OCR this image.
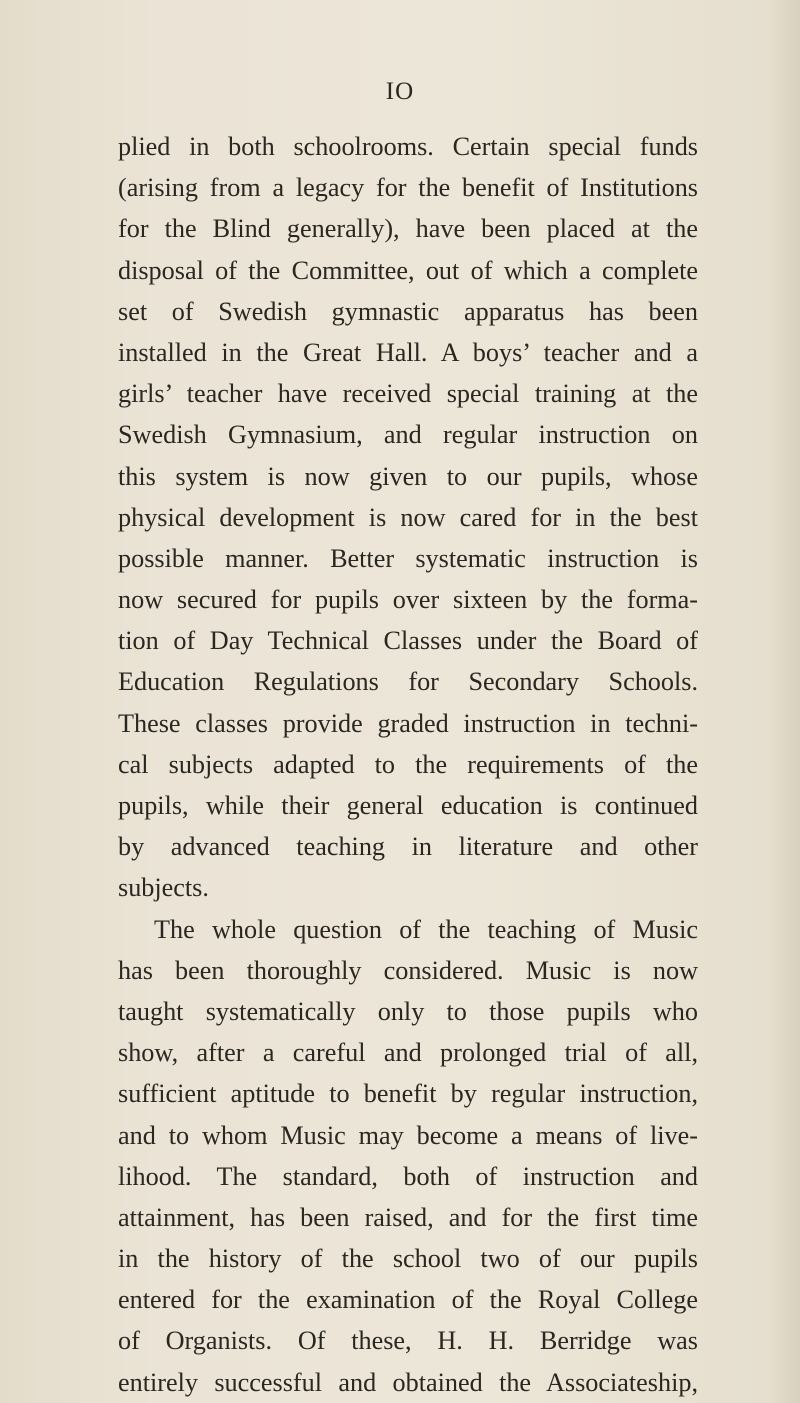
IO
plied in both schoolrooms. Certain special funds
(arising from a legacy for the benefit of Institutions
for the Blind generally), have been placed at the
disposal of the Committee, out of which a complete
set of Swedish gymnastic apparatus has been
installed in the Great Hall. A boys’ teacher and a
girls’ teacher have received special training at the
Swedish Gymnasium, and regular instruction on
this system is now given to our pupils, whose
physical development is now cared for in the best
possible manner. Better systematic instruction is
now secured for pupils over sixteen by the forma-
tion of Day Technical Classes under the Board of
Education Regulations for Secondary Schools.
These classes provide graded instruction in techni-
cal subjects adapted to the requirements of the
pupils, while their general education is continued
by advanced teaching in literature and other
subjects.
The whole question of the teaching of Music
has been thoroughly considered. Music is now
taught systematically only to those pupils who
show, after a careful and prolonged trial of all,
sufficient aptitude to benefit by regular instruction,
and to whom Music may become a means of live-
lihood. The standard, both of instruction and
attainment, has been raised, and for the first time
in the history of the school two of our pupils
entered for the examination of the Royal College
of Organists. Of these, H. H. Berridge was
entirely successful and obtained the Associateship,
